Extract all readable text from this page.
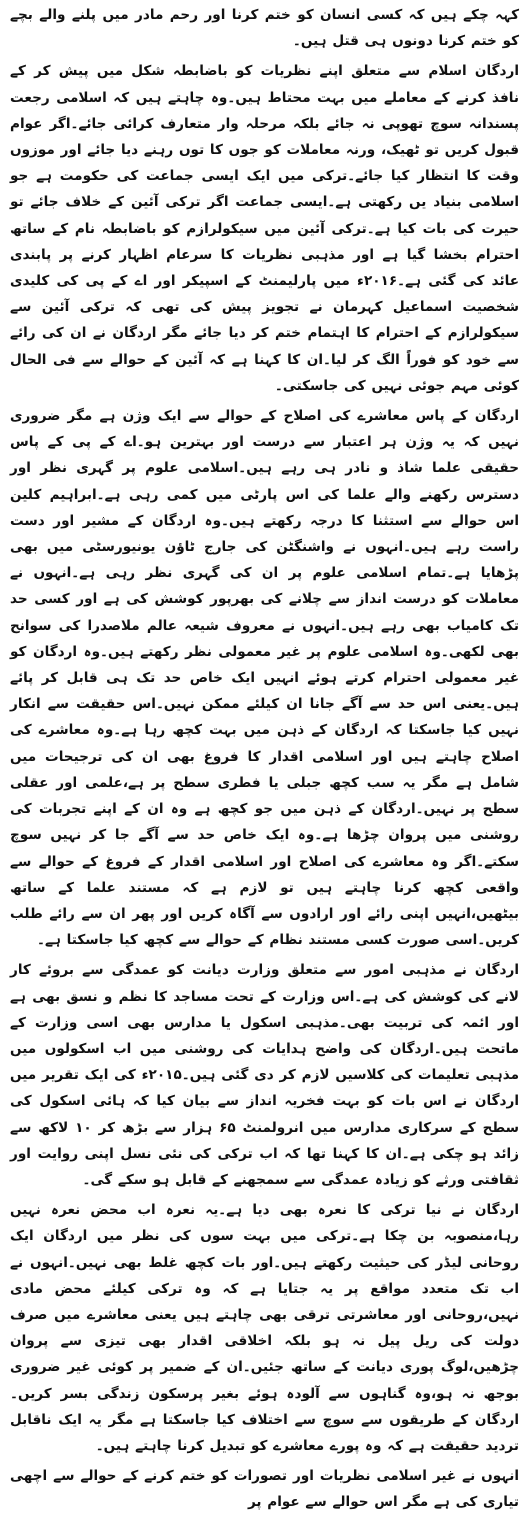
کہہ چکے ہیں کہ کسی انسان کو ختم کرنا اور رحم مادر میں پلنے والے بچے کو ختم کرنا دونوں ہی قتل ہیں۔

اردگان اسلام سے متعلق اپنے نظریات کو باضابطہ شکل میں پیش کر کے نافذ کرنے کے معاملے میں بہت محتاط ہیں۔وہ چاہتے ہیں کہ اسلامی رجعت پسندانہ سوچ تھوپی نہ جائے بلکہ مرحلہ وار متعارف کرائی جائے۔اگر عوام قبول کریں تو ٹھیک، ورنہ معاملات کو جوں کا توں رہنے دیا جائے اور موزوں وقت کا انتظار کیا جائے۔ترکی میں ایک ایسی جماعت کی حکومت ہے جو اسلامی بنیاد یں رکھتی ہے۔ایسی جماعت اگر ترکی آئین کے خلاف جائے تو حیرت کی بات کیا ہے۔ترکی آئین میں سیکولرازم کو باضابطہ نام کے ساتھ احترام بخشا گیا ہے اور مذہبی نظریات کا سرعام اظہار کرنے پر پابندی عائد کی گئی ہے۔۲۰۱۶ء میں پارلیمنٹ کے اسپیکر اور اے کے پی کی کلیدی شخصیت اسماعیل کہرمان نے تجویز پیش کی تھی کہ ترکی آئین سے سیکولرازم کے احترام کا اہتمام ختم کر دیا جائے مگر اردگان نے ان کی رائے سے خود کو فوراً الگ کر لیا۔ان کا کہنا ہے کہ آئین کے حوالے سے فی الحال کوئی مہم جوئی نہیں کی جاسکتی۔

اردگان کے پاس معاشرے کی اصلاح کے حوالے سے ایک وژن ہے مگر ضروری نہیں کہ یہ وژن ہر اعتبار سے درست اور بہترین ہو۔اے کے پی کے پاس حقیقی علما شاذ و نادر ہی رہے ہیں۔اسلامی علوم پر گہری نظر اور دسترس رکھنے والے علما کی اس پارٹی میں کمی رہی ہے۔ابراہیم کلین اس حوالے سے استثنا کا درجہ رکھتے ہیں۔وہ اردگان کے مشیر اور دست راست رہے ہیں۔انہوں نے واشنگٹن کی جارج ٹاؤن یونیورسٹی میں بھی پڑھایا ہے۔تمام اسلامی علوم پر ان کی گہری نظر رہی ہے۔انہوں نے معاملات کو درست انداز سے چلانے کی بھرپور کوشش کی ہے اور کسی حد تک کامیاب بھی رہے ہیں۔انہوں نے معروف شیعہ عالم ملاصدرا کی سوانح بھی لکھی۔وہ اسلامی علوم پر غیر معمولی نظر رکھتے ہیں۔وہ اردگان کو غیر معمولی احترام کرتے ہوئے انہیں ایک خاص حد تک ہی قابل کر پائے ہیں۔یعنی اس حد سے آگے جانا ان کیلئے ممکن نہیں۔اس حقیقت سے انکار نہیں کیا جاسکتا کہ اردگان کے ذہن میں بہت کچھ رہا ہے۔وہ معاشرے کی اصلاح چاہتے ہیں اور اسلامی اقدار کا فروغ بھی ان کی ترجیحات میں شامل ہے مگر یہ سب کچھ جبلی یا فطری سطح پر ہے،علمی اور عقلی سطح پر نہیں۔اردگان کے ذہن میں جو کچھ ہے وہ ان کے اپنے تجربات کی روشنی میں پروان چڑھا ہے۔وہ ایک خاص حد سے آگے جا کر نہیں سوچ سکتے۔اگر وہ معاشرے کی اصلاح اور اسلامی اقدار کے فروغ کے حوالے سے واقعی کچھ کرنا چاہتے ہیں تو لازم ہے کہ مستند علما کے ساتھ بیٹھیں،انہیں اپنی رائے اور ارادوں سے آگاہ کریں اور پھر ان سے رائے طلب کریں۔اسی صورت کسی مستند نظام کے حوالے سے کچھ کیا جاسکتا ہے۔

اردگان نے مذہبی امور سے متعلق وزارت دیانت کو عمدگی سے بروئے کار لانے کی کوشش کی ہے۔اس وزارت کے تحت مساجد کا نظم و نسق بھی ہے اور ائمہ کی تربیت بھی۔مذہبی اسکول یا مدارس بھی اسی وزارت کے ماتحت ہیں۔اردگان کی واضح ہدایات کی روشنی میں اب اسکولوں میں مذہبی تعلیمات کی کلاسیں لازم کر دی گئی ہیں۔۲۰۱۵ء کی ایک تقریر میں اردگان نے اس بات کو بہت فخریہ انداز سے بیان کیا کہ ہائی اسکول کی سطح کے سرکاری مدارس میں انرولمنٹ ۶۵ ہزار سے بڑھ کر ۱۰ لاکھ سے زائد ہو چکی ہے۔ان کا کہنا تھا کہ اب ترکی کی نئی نسل اپنی روایت اور ثقافتی ورثے کو زیادہ عمدگی سے سمجھنے کے قابل ہو سکے گی۔

اردگان نے نیا ترکی کا نعرہ بھی دیا ہے۔یہ نعرہ اب محض نعرہ نہیں رہا،منصوبہ بن چکا ہے۔ترکی میں بہت سوں کی نظر میں اردگان ایک روحانی لیڈر کی حیثیت رکھتے ہیں۔اور بات کچھ غلط بھی نہیں۔انہوں نے اب تک متعدد مواقع پر یہ جتایا ہے کہ وہ ترکی کیلئے محض مادی نہیں،روحانی اور معاشرتی ترقی بھی چاہتے ہیں یعنی معاشرے میں صرف دولت کی ریل پیل نہ ہو بلکہ اخلاقی اقدار بھی تیزی سے پروان چڑھیں،لوگ پوری دیانت کے ساتھ جئیں۔ان کے ضمیر پر کوئی غیر ضروری بوجھ نہ ہو،وہ گناہوں سے آلودہ ہوئے بغیر پرسکون زندگی بسر کریں۔اردگان کے طریقوں سے سوچ سے اختلاف کیا جاسکتا ہے مگر یہ ایک ناقابل تردید حقیقت ہے کہ وہ پورے معاشرے کو تبدیل کرنا چاہتے ہیں۔

انہوں نے غیر اسلامی نظریات اور تصورات کو ختم کرنے کے حوالے سے اچھی تیاری کی ہے مگر اس حوالے سے عوام پر
